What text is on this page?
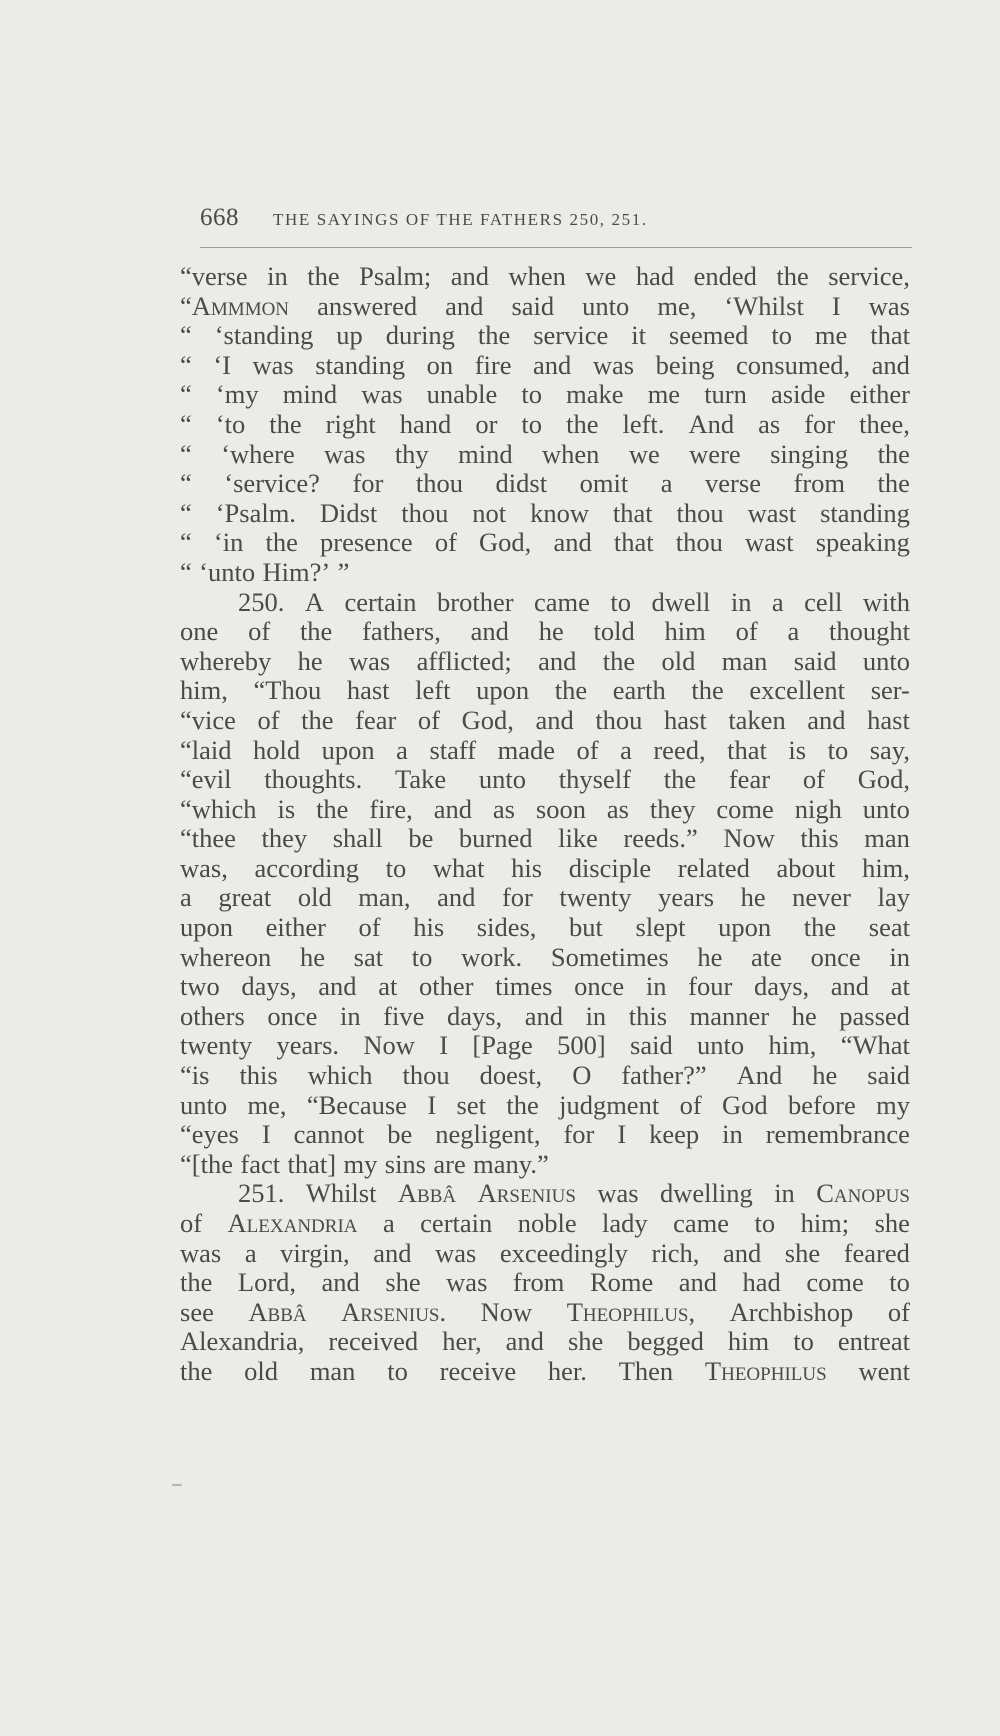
668 THE SAYINGS OF THE FATHERS 250, 251.
“verse in the Psalm; and when we had ended the service,
“Ammmon answered and said unto me, ‘Whilst I was
“ ‘standing up during the service it seemed to me that
“ ‘I was standing on fire and was being consumed, and
“ ‘my mind was unable to make me turn aside either
“ ‘to the right hand or to the left. And as for thee,
“ ‘where was thy mind when we were singing the
“ ‘service? for thou didst omit a verse from the
“ ‘Psalm. Didst thou not know that thou wast standing
“ ‘in the presence of God, and that thou wast speaking
“ ‘unto Him?’ ”
250. A certain brother came to dwell in a cell with
one of the fathers, and he told him of a thought
whereby he was afflicted; and the old man said unto
him, “Thou hast left upon the earth the excellent ser-
“vice of the fear of God, and thou hast taken and hast
“laid hold upon a staff made of a reed, that is to say,
“evil thoughts. Take unto thyself the fear of God,
“which is the fire, and as soon as they come nigh unto
“thee they shall be burned like reeds.” Now this man
was, according to what his disciple related about him,
a great old man, and for twenty years he never lay
upon either of his sides, but slept upon the seat
whereon he sat to work. Sometimes he ate once in
two days, and at other times once in four days, and at
others once in five days, and in this manner he passed
twenty years. Now I [Page 500] said unto him, “What
“is this which thou doest, O father?” And he said
unto me, “Because I set the judgment of God before my
“eyes I cannot be negligent, for I keep in remembrance
“[the fact that] my sins are many.”
251. Whilst Abbâ Arsenius was dwelling in Canopus
of Alexandria a certain noble lady came to him; she
was a virgin, and was exceedingly rich, and she feared
the Lord, and she was from Rome and had come to
see Abbâ Arsenius. Now Theophilus, Archbishop of
Alexandria, received her, and she begged him to entreat
the old man to receive her. Then Theophilus went
